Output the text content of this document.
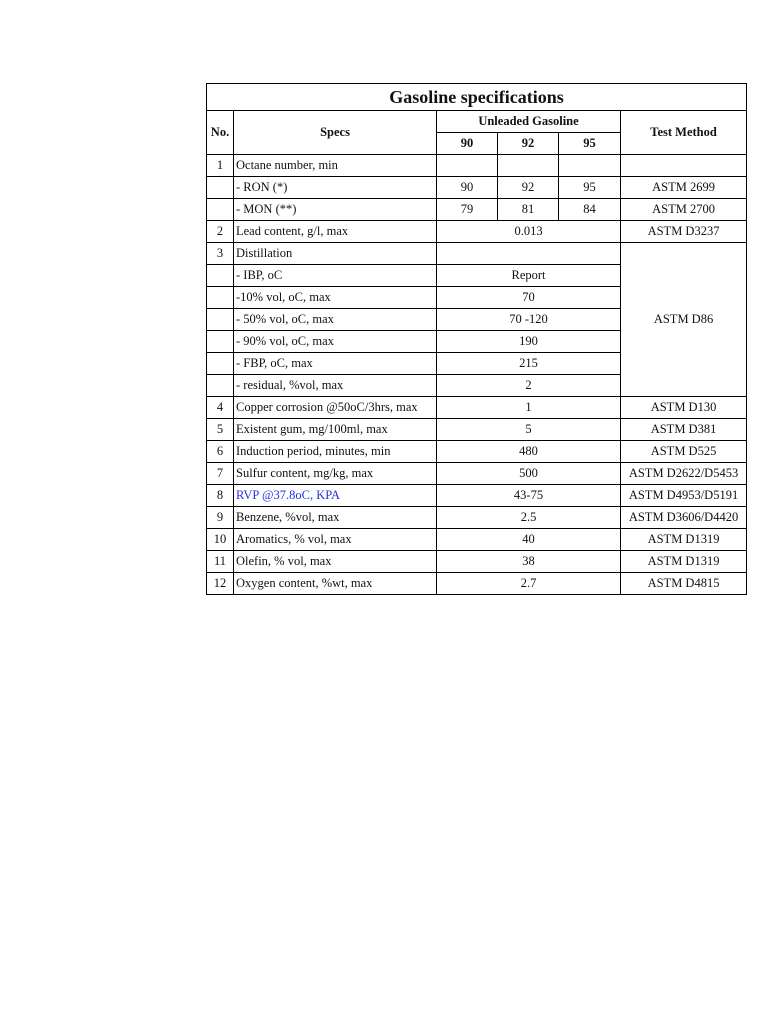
Gasoline specifications					
No.	Specs	Unleaded Gasoline			Test Method
		90	92	95	
1	Octane number, min				
	- RON (*)	90	92	95	ASTM 2699
	- MON (**)	79	81	84	ASTM 2700
2	Lead content, g/l, max	0.013			ASTM D3237
3	Distillation				ASTM D86
	- IBP, oC	Report			
	-10% vol, oC, max	70			
	- 50% vol, oC, max	70 -120			
	- 90% vol, oC, max	190			
	- FBP, oC, max	215			
	- residual, %vol, max	2			
4	Copper corrosion @50oC/3hrs, max	1			ASTM D130
5	Existent gum, mg/100ml, max	5			ASTM D381
6	Induction period, minutes, min	480			ASTM D525
7	Sulfur content, mg/kg, max	500			ASTM D2622/D5453
8	RVP @37.8oC, KPA	43-75			ASTM D4953/D5191
9	Benzene, %vol, max	2.5			ASTM D3606/D4420
10	Aromatics, % vol, max	40			ASTM D1319
11	Olefin, % vol, max	38			ASTM D1319
12	Oxygen content, %wt, max	2.7			ASTM D4815
